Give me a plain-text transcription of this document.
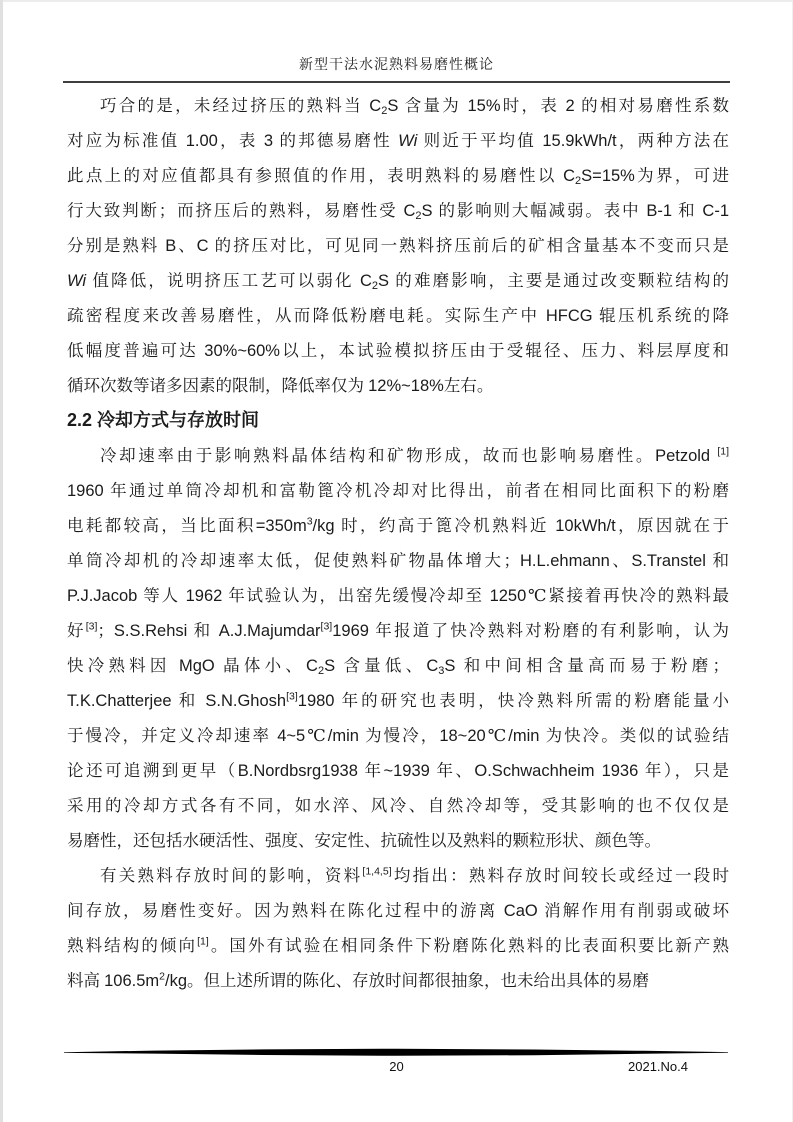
新型干法水泥熟料易磨性概论
巧合的是，未经过挤压的熟料当 C2S 含量为 15%时，表 2 的相对易磨性系数
对应为标准值 1.00，表 3 的邦德易磨性 Wi 则近于平均值 15.9kWh/t，两种方法在
此点上的对应值都具有参照值的作用，表明熟料的易磨性以 C2S=15%为界，可进
行大致判断；而挤压后的熟料，易磨性受 C2S 的影响则大幅减弱。表中 B-1 和 C-1
分别是熟料 B、C 的挤压对比，可见同一熟料挤压前后的矿相含量基本不变而只是
Wi 值降低，说明挤压工艺可以弱化 C2S 的难磨影响，主要是通过改变颗粒结构的
疏密程度来改善易磨性，从而降低粉磨电耗。实际生产中 HFCG 辊压机系统的降
低幅度普遍可达 30%~60%以上，本试验模拟挤压由于受辊径、压力、料层厚度和
循环次数等诸多因素的限制，降低率仅为 12%~18%左右。
2.2 冷却方式与存放时间
冷却速率由于影响熟料晶体结构和矿物形成，故而也影响易磨性。Petzold [1]
1960 年通过单筒冷却机和富勒篦冷机冷却对比得出，前者在相同比面积下的粉磨
电耗都较高，当比面积$=350m^3/kg$ 时，约高于篦冷机熟料近 10kWh/t，原因就在于
单筒冷却机的冷却速率太低，促使熟料矿物晶体增大；H.L.ehmann、S.Transtel 和
P.J.Jacob 等人 1962 年试验认为，出窑先缓慢冷却至 1250℃紧接着再快冷的熟料最
好[3]；S.S.Rehsi 和 A.J.Majumdar[3]1969 年报道了快冷熟料对粉磨的有利影响，认为
快冷熟料因 MgO 晶体小、C2S 含量低、C3S 和中间相含量高而易于粉磨；
T.K.Chatterjee 和 S.N.Ghosh[3]1980 年的研究也表明，快冷熟料所需的粉磨能量小
于慢冷，并定义冷却速率 4~5℃/min 为慢冷，18~20℃/min 为快冷。类似的试验结
论还可追溯到更早（B.Nordbsrg1938 年~1939 年、O.Schwachheim 1936 年），只是
采用的冷却方式各有不同，如水淬、风冷、自然冷却等，受其影响的也不仅仅是
易磨性，还包括水硬活性、强度、安定性、抗硫性以及熟料的颗粒形状、颜色等。
有关熟料存放时间的影响，资料[1,4,5]均指出：熟料存放时间较长或经过一段时
间存放，易磨性变好。因为熟料在陈化过程中的游离 CaO 消解作用有削弱或破坏
熟料结构的倾向[1]。国外有试验在相同条件下粉磨陈化熟料的比表面积要比新产熟
料高 $106.5m^2/kg$。但上述所谓的陈化、存放时间都很抽象，也未给出具体的易磨
20	2021.No.4
